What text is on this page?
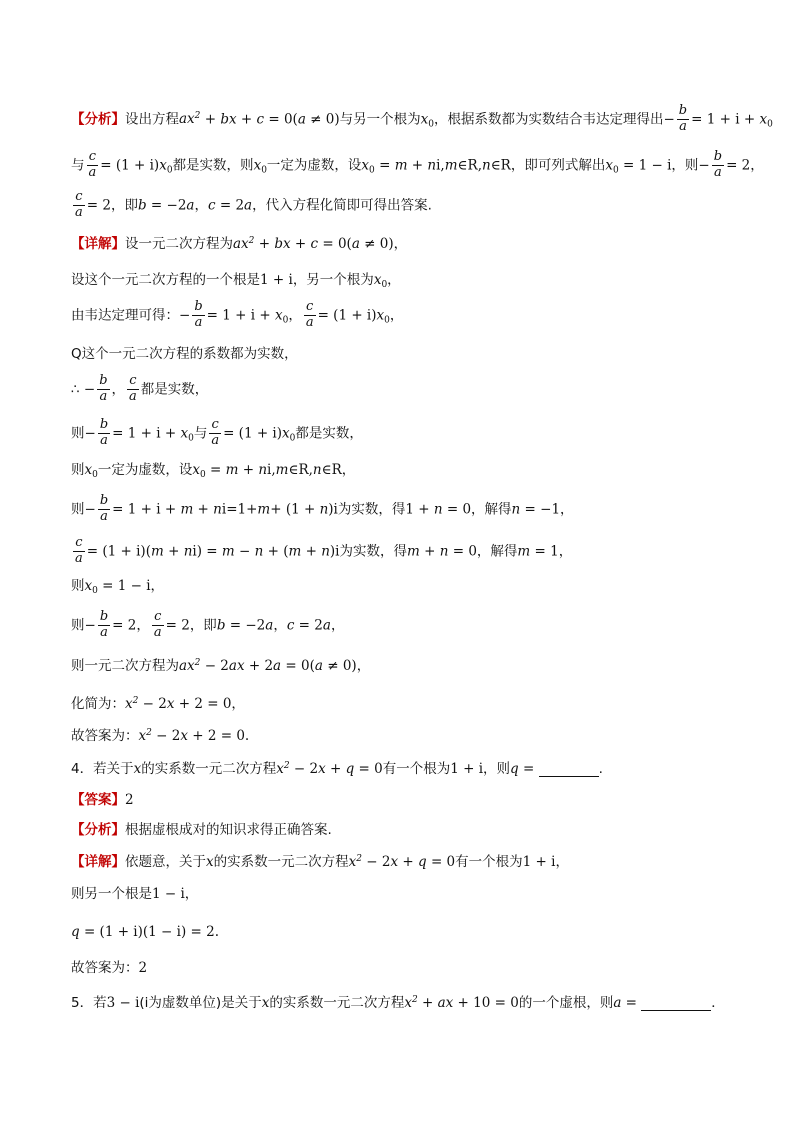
【分析】设出方程$ax^2$ + bx + c = 0(a ≠ 0)与另一个根为$x_0$，根据系数都为实数结合韦达定理得出− $\frac{b}{a} = 1 + i + x_0$
与 $\frac{c}{a} = (1 + i)x_0$都是实数，则$x_0$一定为虚数，设$x_0 = m$ + ni,m∈R,n∈R，即可列式解出$x_0 = 1 - i$，则− $\frac{b}{a} = 2$，
$\frac{c}{a} = 2$，即b = −2a，c = 2a，代入方程化简即可得出答案.
【详解】设一元二次方程为$ax^2$ + bx + c = 0(a ≠ 0)，
设这个一元二次方程的一个根是1 + i，另一个根为$x_0$，
由韦达定理可得：− $\frac{b}{a} = 1 + i + x_0$， $\frac{c}{a} = (1 + i)x_0$，
Q这个一元二次方程的系数都为实数，
∴ − $\frac{b}{a}$ ， $\frac{c}{a}$ 都是实数，
则− $\frac{b}{a} = 1 + i + x_0$与 $\frac{c}{a} = (1 + i)x_0$都是实数，
则$x_0$一定为虚数，设$x_0 = m$ + ni,m∈R,n∈R，
则− $\frac{b}{a} = 1 + i + m + ni=1+m+ (1 + n)i$为实数，得1 + n = 0，解得n = −1，
$\frac{c}{a} = (1 + i)(m + ni) = m - n + (m + n)i$为实数，得m + n = 0，解得m = 1，
则$x_0 = 1 - i$，
则− $\frac{b}{a} = 2$， $\frac{c}{a} = 2$，即b = −2a，c = 2a，
则一元二次方程为$ax^2 - 2ax + 2a = 0(a \ne 0)$，
化简为：$x^2 - 2x + 2 = 0$，
故答案为：$x^2 - 2x + 2 = 0$.
4．若关于x的实系数一元二次方程$x^2 - 2x + q = 0$有一个根为1 + i，则q =	.
【答案】2
【分析】根据虚根成对的知识求得正确答案.
【详解】依题意，关于x的实系数一元二次方程$x^2 - 2x + q = 0$有一个根为1 + i，
则另一个根是1 − i，
q = (1 + i)(1 − i) = 2.
故答案为：2
5．若3 − i(i为虚数单位)是关于x的实系数一元二次方程$x^2$ + ax + 10 = 0的一个虚根，则a =	．
